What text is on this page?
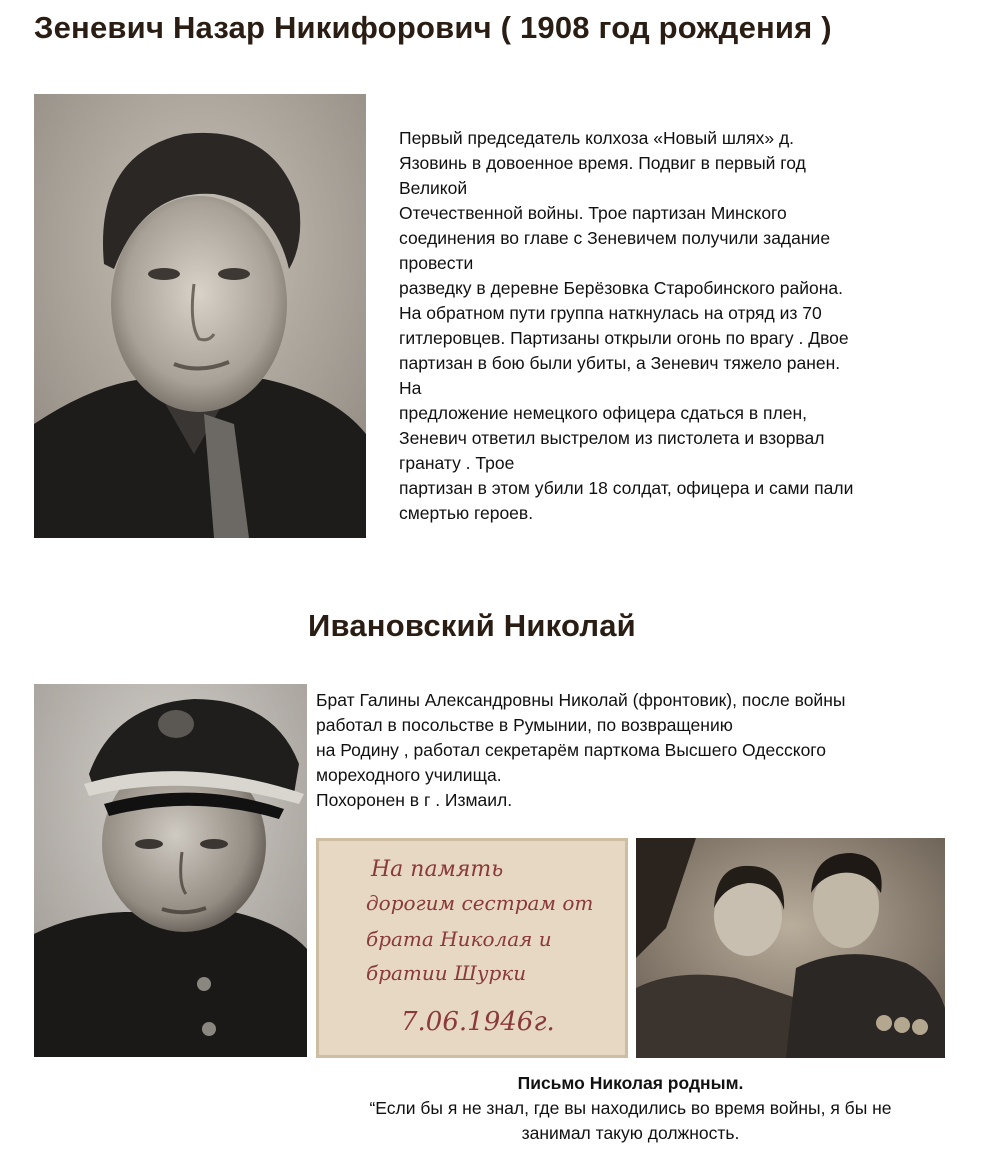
Зеневич Назар Никифорович ( 1908 год рождения )
Первый председатель колхоза «Новый шлях» д.
Язовинь в довоенное время. Подвиг в первый год
Великой
Отечественной войны. Трое партизан Минского
соединения во главе с Зеневичем получили задание
провести
разведку в деревне Берёзовка Старобинского района.
На обратном пути группа наткнулась на отряд из 70
гитлеровцев. Партизаны открыли огонь по врагу . Двое
партизан в бою были убиты, а Зеневич тяжело ранен.
На
предложение немецкого офицера сдаться в плен,
Зеневич ответил выстрелом из пистолета и взорвал
гранату . Трое
партизан в этом убили 18 солдат, офицера и сами пали
смертью героев.
Ивановский Николай
Брат Галины Александровны Николай (фронтовик), после войны
работал в посольстве в Румынии, по возвращению
на Родину , работал секретарём парткома Высшего Одесского
мореходного училища.
Похоронен в г . Измаил.
На память
дорогим сестрам от
брата Николая и
братии Шурки
7.06.1946г.
Письмо Николая родным.
“Если бы я не знал, где вы находились во время войны, я бы не
занимал такую должность.
